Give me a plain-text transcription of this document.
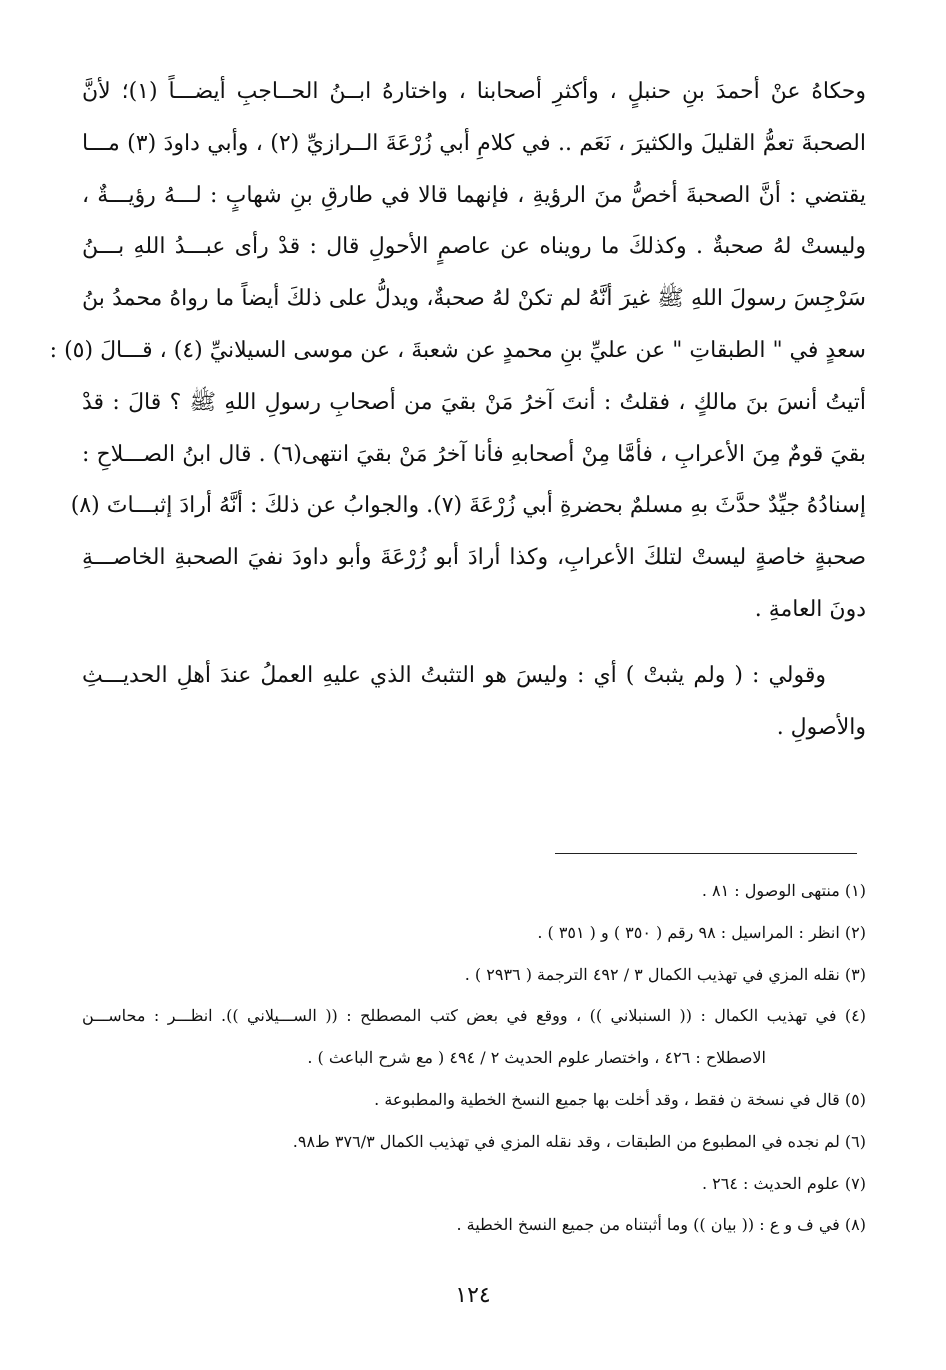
وحكاهُ عنْ أحمدَ بنِ حنبلٍ ، وأكثرِ أصحابنا ، واختارهُ ابــنُ الحــاجبِ أيضـــاً (١)؛ لأنَّ
الصحبةَ تعمُّ القليلَ والكثيرَ ، نَعَم .. في كلامِ أبي زُرْعَةَ الــرازيِّ (٢) ، وأبي داودَ (٣) مـــا
يقتضي : أنَّ الصحبةَ أخصُّ منَ الرؤيةِ ، فإنهما قالا في طارقِ بنِ شهابٍ : لـــهُ رؤيـــةٌ ،
وليستْ لهُ صحبةٌ . وكذلكَ ما رويناه عن عاصمٍ الأحولِ قال : قدْ رأى عبـــدُ اللهِ بـــنُ
سَرْجِسَ رسولَ اللهِ ﷺ غيرَ أنَّهُ لم تكنْ لهُ صحبةٌ، ويدلُّ على ذلكَ أيضاً ما رواهُ محمدُ بنُ
سعدٍ في " الطبقاتِ " عن عليِّ بنِ محمدٍ عن شعبةَ ، عن موسى السيلانيِّ (٤) ، قـــالَ (٥) :
أتيتُ أنسَ بنَ مالكٍ ، فقلتُ : أنتَ آخرُ مَنْ بقيَ من أصحابِ رسولِ اللهِ ﷺ ؟ قالَ : قدْ
بقيَ قومٌ مِنَ الأعرابِ ، فأمَّا مِنْ أصحابهِ فأنا آخرُ مَنْ بقيَ انتهى(٦) . قال ابنُ الصـــلاحِ :
إسنادُهُ جيِّدٌ حدَّثَ بهِ مسلمٌ بحضرةِ أبي زُرْعَةَ (٧). والجوابُ عن ذلكَ : أنَّهُ أرادَ إثبـــاتَ (٨)
صحبةٍ خاصةٍ ليستْ لتلكَ الأعرابِ، وكذا أرادَ أبو زُرْعَةَ وأبو داودَ نفيَ الصحبةِ الخاصـــةِ
دونَ العامةِ .
وقولي : ( ولم يثبتْ ) أي : وليسَ هو التثبتُ الذي عليهِ العملُ عندَ أهلِ الحديـــثِ
والأصولِ .
(١) منتهى الوصول : ٨١ .
(٢) انظر : المراسيل : ٩٨ رقم ( ٣٥٠ ) و ( ٣٥١ ) .
(٣) نقله المزي في تهذيب الكمال ٣ / ٤٩٢ الترجمة ( ٢٩٣٦ ) .
(٤) في تهذيب الكمال : (( السنبلاني )) ، ووقع في بعض كتب المصطلح : (( الســـيلاني )). انظـــر : محاســـن
الاصطلاح : ٤٢٦ ، واختصار علوم الحديث ٢ / ٤٩٤ ( مع شرح الباعث ) .
(٥) قال في نسخة ن فقط ، وقد أخلت بها جميع النسخ الخطية والمطبوعة .
(٦) لم نجده في المطبوع من الطبقات ، وقد نقله المزي في تهذيب الكمال ٣٧٦/٣ ط٩٨.
(٧) علوم الحديث : ٢٦٤ .
(٨) في ف و ع : (( بيان )) وما أثبتناه من جميع النسخ الخطية .
١٢٤
